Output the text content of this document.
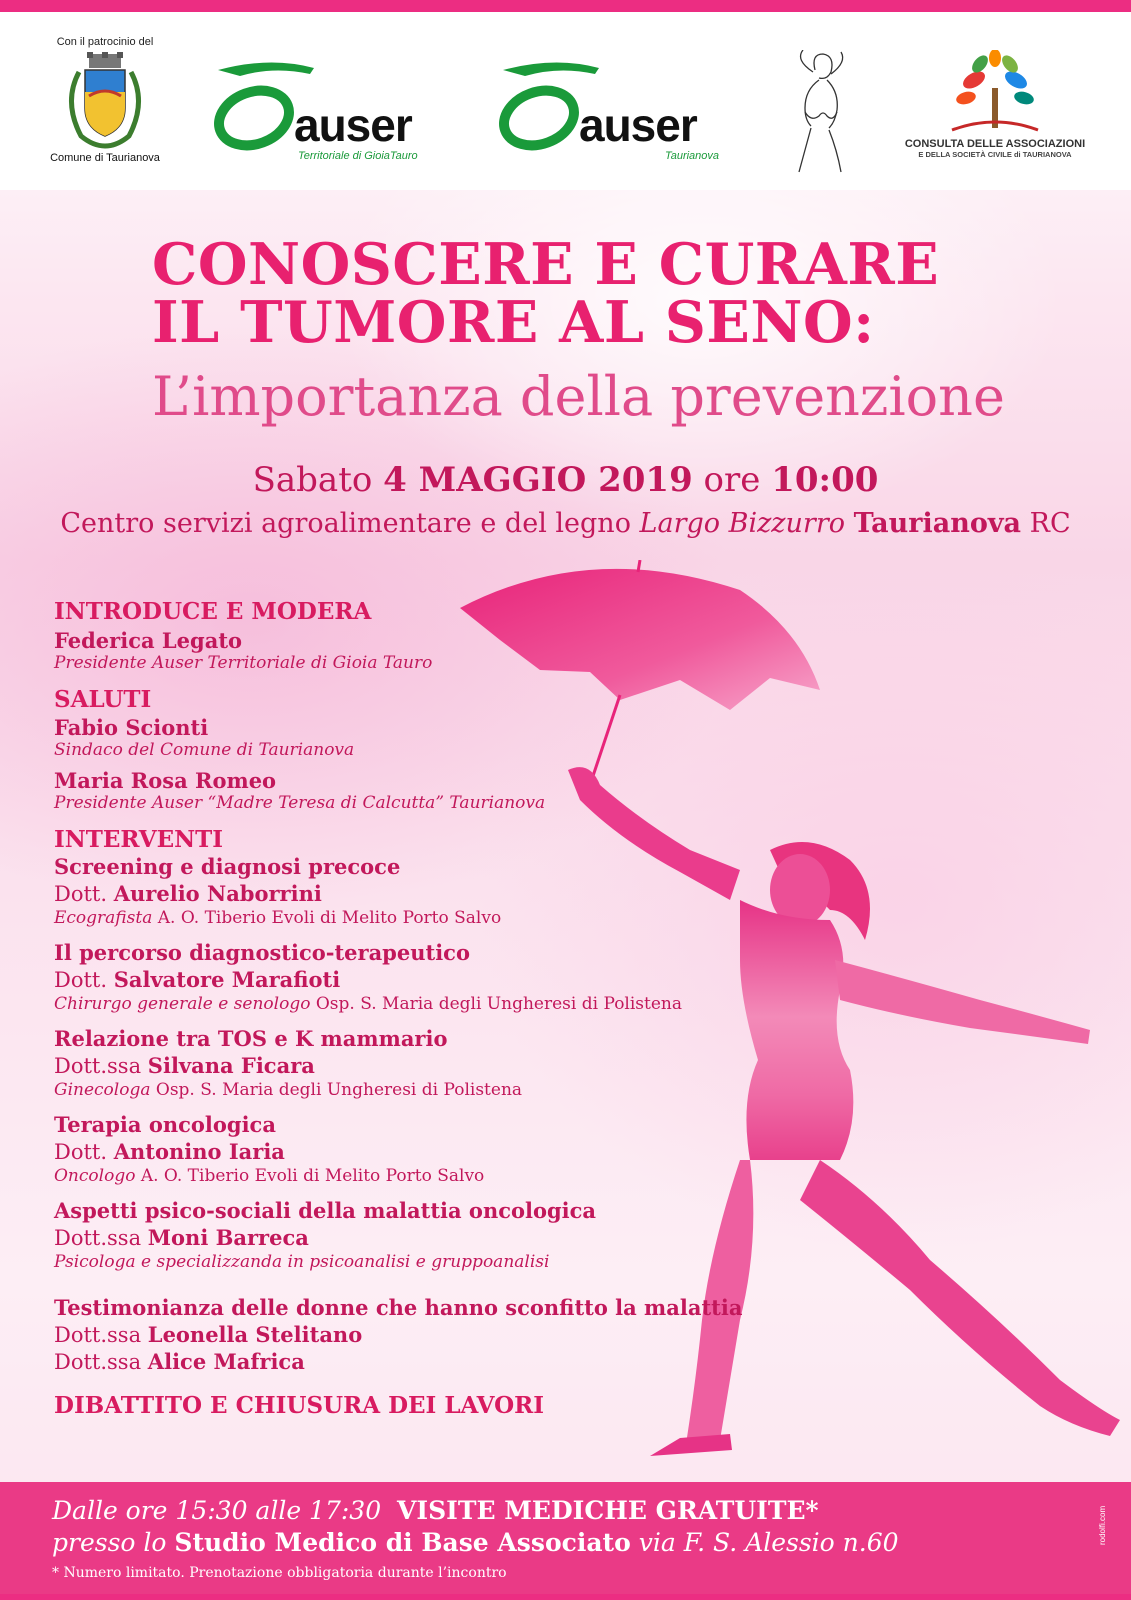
Con il patrocinio del
Comune di Taurianova
auser
Territoriale di GioiaTauro
auser
Taurianova
CONSULTA DELLE ASSOCIAZIONI
E DELLA SOCIETÀ CIVILE di TAURIANOVA
CONOSCERE E CURARE
IL TUMORE AL SENO:
L’importanza della prevenzione
Sabato 4 MAGGIO 2019 ore 10:00
Centro servizi agroalimentare e del legno Largo Bizzurro Taurianova RC
INTRODUCE E MODERA
Federica Legato
Presidente Auser Territoriale di Gioia Tauro
SALUTI
Fabio Scionti
Sindaco del Comune di Taurianova
Maria Rosa Romeo
Presidente Auser “Madre Teresa di Calcutta” Taurianova
INTERVENTI
Screening e diagnosi precoce
Dott. Aurelio Naborrini
Ecografista A. O. Tiberio Evoli di Melito Porto Salvo
Il percorso diagnostico-terapeutico
Dott. Salvatore Marafioti
Chirurgo generale e senologo Osp. S. Maria degli Ungheresi di Polistena
Relazione tra TOS e K mammario
Dott.ssa Silvana Ficara
Ginecologa Osp. S. Maria degli Ungheresi di Polistena
Terapia oncologica
Dott. Antonino Iaria
Oncologo A. O. Tiberio Evoli di Melito Porto Salvo
Aspetti psico-sociali della malattia oncologica
Dott.ssa Moni Barreca
Psicologa e specializzanda in psicoanalisi e gruppoanalisi
Testimonianza delle donne che hanno sconfitto la malattia
Dott.ssa Leonella Stelitano
Dott.ssa Alice Mafrica
DIBATTITO E CHIUSURA DEI LAVORI
Dalle ore 15:30 alle 17:30 VISITE MEDICHE GRATUITE*
presso lo Studio Medico di Base Associato via F. S. Alessio n.60
* Numero limitato. Prenotazione obbligatoria durante l’incontro
rodolfi.com
